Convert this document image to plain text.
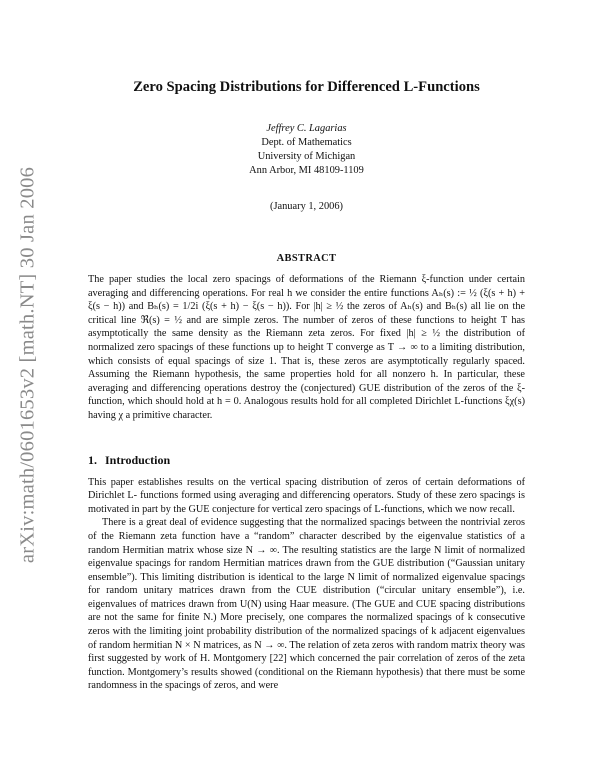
arXiv:math/0601653v2 [math.NT] 30 Jan 2006
Zero Spacing Distributions for Differenced L-Functions
Jeffrey C. Lagarias
Dept. of Mathematics
University of Michigan
Ann Arbor, MI 48109-1109
(January 1, 2006)
ABSTRACT

The paper studies the local zero spacings of deformations of the Riemann ξ-function under certain averaging and differencing operations. For real h we consider the entire functions Aₕ(s) := ½ (ξ(s + h) + ξ(s − h)) and Bₕ(s) = 1/2i (ξ(s + h) − ξ(s − h)). For |h| ≥ ½ the zeros of Aₕ(s) and Bₕ(s) all lie on the critical line ℜ(s) = ½ and are simple zeros. The number of zeros of these functions to height T has asymptotically the same density as the Riemann zeta zeros. For fixed |h| ≥ ½ the distribution of normalized zero spacings of these functions up to height T converge as T → ∞ to a limiting distribution, which consists of equal spacings of size 1. That is, these zeros are asymptotically regularly spaced. Assuming the Riemann hypothesis, the same properties hold for all nonzero h. In particular, these averaging and differencing operations destroy the (conjectured) GUE distribution of the zeros of the ξ-function, which should hold at h = 0. Analogous results hold for all completed Dirichlet L-functions ξχ(s) having χ a primitive character.

1. Introduction

This paper establishes results on the vertical spacing distribution of zeros of certain deformations of Dirichlet L- functions formed using averaging and differencing operators. Study of these zero spacings is motivated in part by the GUE conjecture for vertical zero spacings of L-functions, which we now recall.

There is a great deal of evidence suggesting that the normalized spacings between the nontrivial zeros of the Riemann zeta function have a “random” character described by the eigenvalue statistics of a random Hermitian matrix whose size N → ∞. The resulting statistics are the large N limit of normalized eigenvalue spacings for random Hermitian matrices drawn from the GUE distribution (“Gaussian unitary ensemble”). This limiting distribution is identical to the large N limit of normalized eigenvalue spacings for random unitary matrices drawn from the CUE distribution (“circular unitary ensemble”), i.e. eigenvalues of matrices drawn from U(N) using Haar measure. (The GUE and CUE spacing distributions are not the same for finite N.) More precisely, one compares the normalized spacings of k consecutive zeros with the limiting joint probability distribution of the normalized spacings of k adjacent eigenvalues of random hermitian N × N matrices, as N → ∞. The relation of zeta zeros with random matrix theory was first suggested by work of H. Montgomery [22] which concerned the pair correlation of zeros of the zeta function. Montgomery’s results showed (conditional on the Riemann hypothesis) that there must be some randomness in the spacings of zeros, and were
